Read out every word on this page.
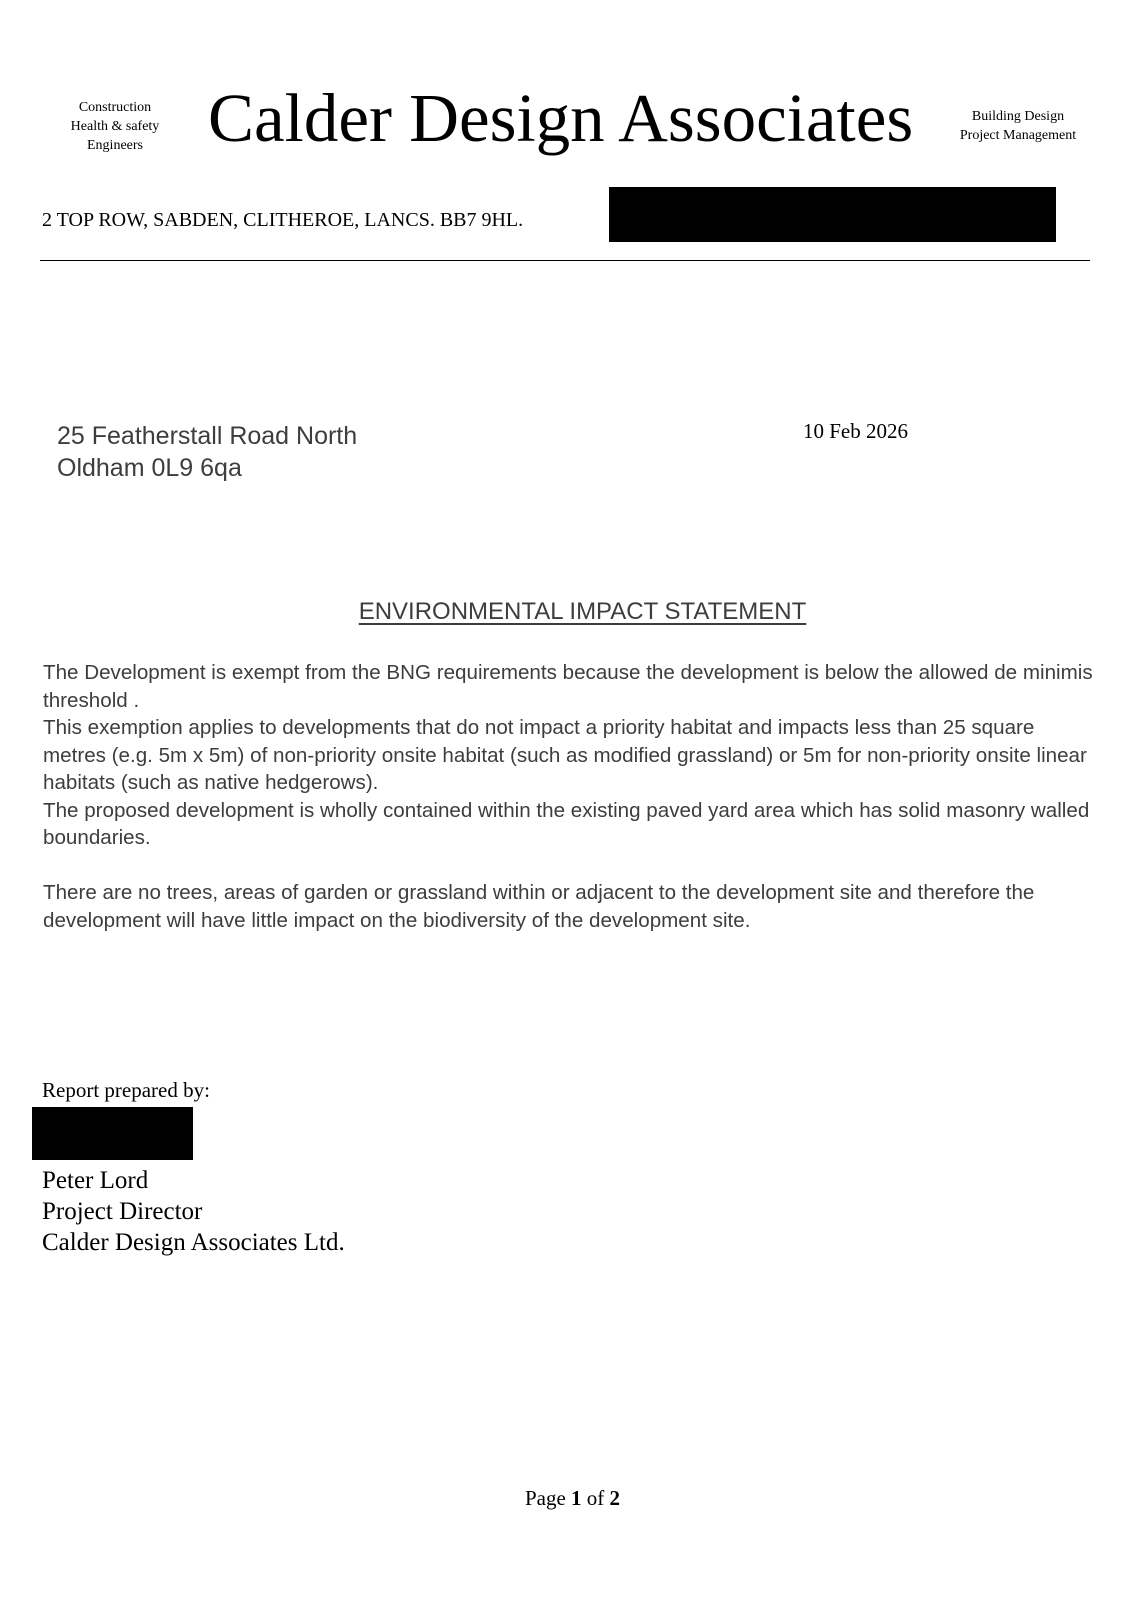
Construction
Health & safety
Engineers Calder Design Associates	Building Design
Project Management
2 TOP ROW, SABDEN, CLITHEROE, LANCS. BB7 9HL.
25 Featherstall Road North
Oldham 0L9 6qa
10 Feb 2026
ENVIRONMENTAL IMPACT STATEMENT

The Development is exempt from the BNG requirements because the development is below the allowed de minimis threshold .

This exemption applies to developments that do not impact a priority habitat and impacts less than 25 square metres (e.g. 5m x 5m) of non-priority onsite habitat (such as modified grassland) or 5m for non-priority onsite linear habitats (such as native hedgerows).

The proposed development is wholly contained within the existing paved yard area which has solid masonry walled boundaries.

There are no trees, areas of garden or grassland within or adjacent to the development site and therefore the development will have little impact on the biodiversity of the development site.

Report prepared by:
Peter Lord
Project Director
Calder Design Associates Ltd.
Page 1 of 2
